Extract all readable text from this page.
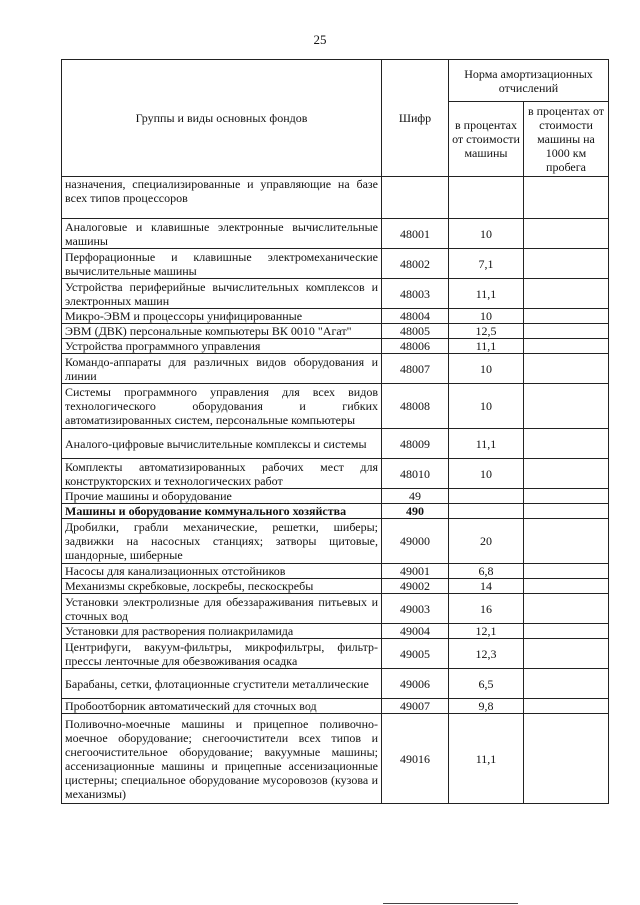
25
Группы и виды основных фондов	Шифр	Норма амортизационных отчислений	
		в процентах от стоимости машины	в процентах от стоимости машины на 1000 км пробега
назначения, специализированные и управляющие на базе всех типов процессоров			
Аналоговые и клавишные электронные вычислительные машины	48001	10	
Перфорационные и клавишные электромеханические вычислительные машины	48002	7,1	
Устройства периферийные вычислительных комплексов и электронных машин	48003	11,1	
Микро-ЭВМ и процессоры унифицированные	48004	10	
ЭВМ (ДВК) персональные компьютеры ВК 0010 "Агат"	48005	12,5	
Устройства программного управления	48006	11,1	
Командо-аппараты для различных видов оборудования и линии	48007	10	
Системы программного управления для всех видов технологического оборудования и гибких автоматизированных систем, персональные компьютеры	48008	10	
Аналого-цифровые вычислительные комплексы и системы	48009	11,1	
Комплекты автоматизированных рабочих мест для конструкторских и технологических работ	48010	10	
Прочие машины и оборудование	49		
Машины и оборудование коммунального хозяйства	490		
Дробилки, грабли механические, решетки, шиберы; задвижки на насосных станциях; затворы щитовые, шандорные, шиберные	49000	20	
Насосы для канализационных отстойников	49001	6,8	
Механизмы скребковые, лоскребы, пескоскребы	49002	14	
Установки электролизные для обеззараживания питьевых и сточных вод	49003	16	
Установки для растворения полиакриламида	49004	12,1	
Центрифуги, вакуум-фильтры, микрофильтры, фильтр-прессы ленточные для обезвоживания осадка	49005	12,3	
Барабаны, сетки, флотационные сгустители металлические	49006	6,5	
Пробоотборник автоматический для сточных вод	49007	9,8	
Поливочно-моечные машины и прицепное поливочно-моечное оборудование; снегоочистители всех типов и снегоочистительное оборудование; вакуумные машины; ассенизационные машины и прицепные ассенизационные цистерны; специальное оборудование мусоровозов (кузова и механизмы)	49016	11,1	
